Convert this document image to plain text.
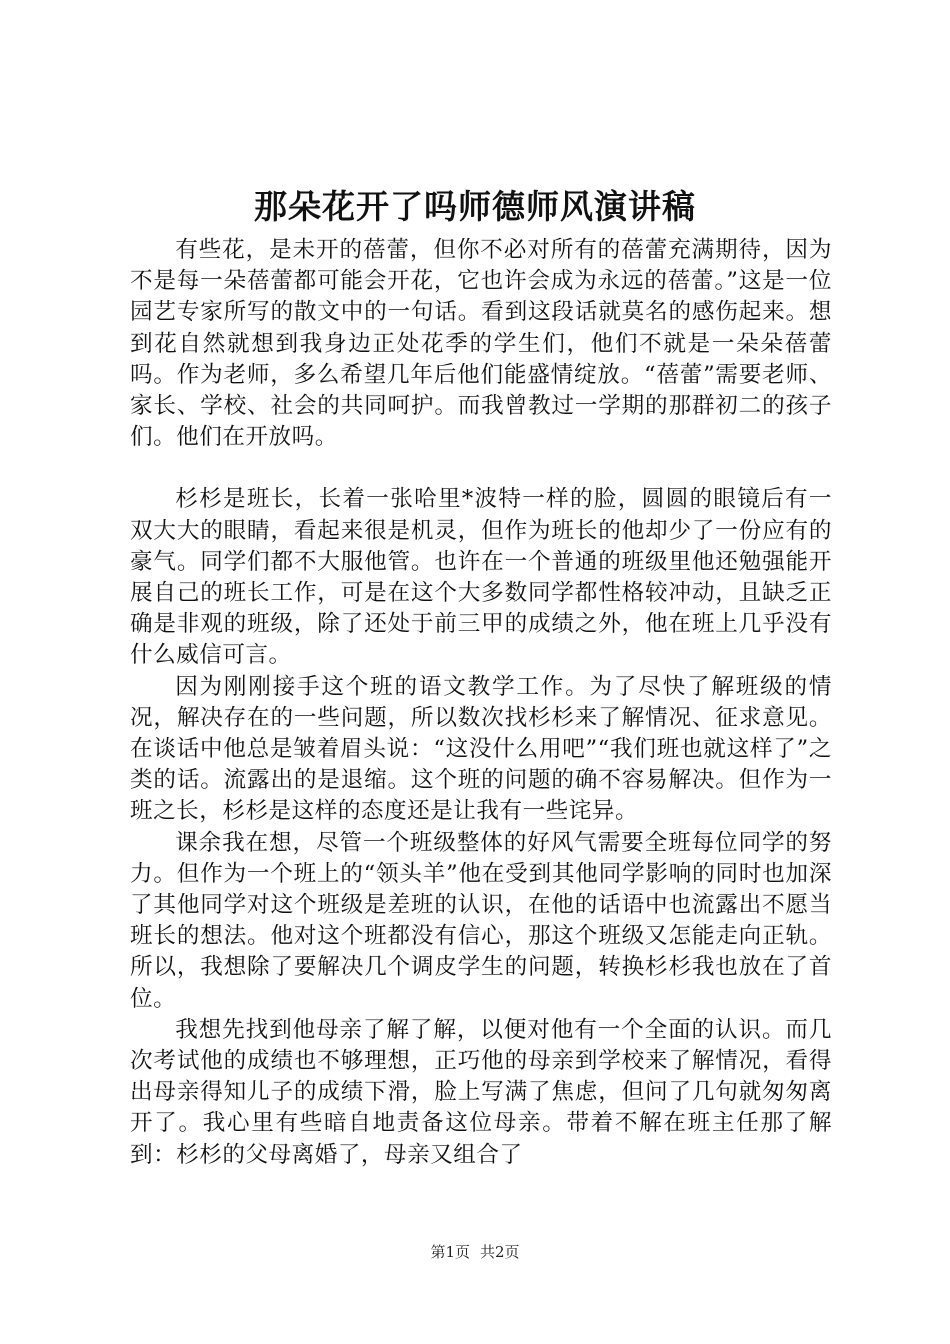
那朵花开了吗师德师风演讲稿

有些花，是未开的蓓蕾，但你不必对所有的蓓蕾充满期待，因为不是每一朵蓓蕾都可能会开花，它也许会成为永远的蓓蕾。”这是一位园艺专家所写的散文中的一句话。看到这段话就莫名的感伤起来。想到花自然就想到我身边正处花季的学生们，他们不就是一朵朵蓓蕾吗。作为老师，多么希望几年后他们能盛情绽放。“蓓蕾”需要老师、家长、学校、社会的共同呵护。而我曾教过一学期的那群初二的孩子们。他们在开放吗。

杉杉是班长，长着一张哈里*波特一样的脸，圆圆的眼镜后有一双大大的眼睛，看起来很是机灵，但作为班长的他却少了一份应有的豪气。同学们都不大服他管。也许在一个普通的班级里他还勉强能开展自己的班长工作，可是在这个大多数同学都性格较冲动，且缺乏正确是非观的班级，除了还处于前三甲的成绩之外，他在班上几乎没有什么威信可言。

因为刚刚接手这个班的语文教学工作。为了尽快了解班级的情况，解决存在的一些问题，所以数次找杉杉来了解情况、征求意见。在谈话中他总是皱着眉头说：“这没什么用吧”“我们班也就这样了”之类的话。流露出的是退缩。这个班的问题的确不容易解决。但作为一班之长，杉杉是这样的态度还是让我有一些诧异。

课余我在想，尽管一个班级整体的好风气需要全班每位同学的努力。但作为一个班上的“领头羊”他在受到其他同学影响的同时也加深了其他同学对这个班级是差班的认识，在他的话语中也流露出不愿当班长的想法。他对这个班都没有信心，那这个班级又怎能走向正轨。所以，我想除了要解决几个调皮学生的问题，转换杉杉我也放在了首位。

我想先找到他母亲了解了解，以便对他有一个全面的认识。而几次考试他的成绩也不够理想，正巧他的母亲到学校来了解情况，看得出母亲得知儿子的成绩下滑，脸上写满了焦虑，但问了几句就匆匆离开了。我心里有些暗自地责备这位母亲。带着不解在班主任那了解到：杉杉的父母离婚了，母亲又组合了

第1页 共2页
